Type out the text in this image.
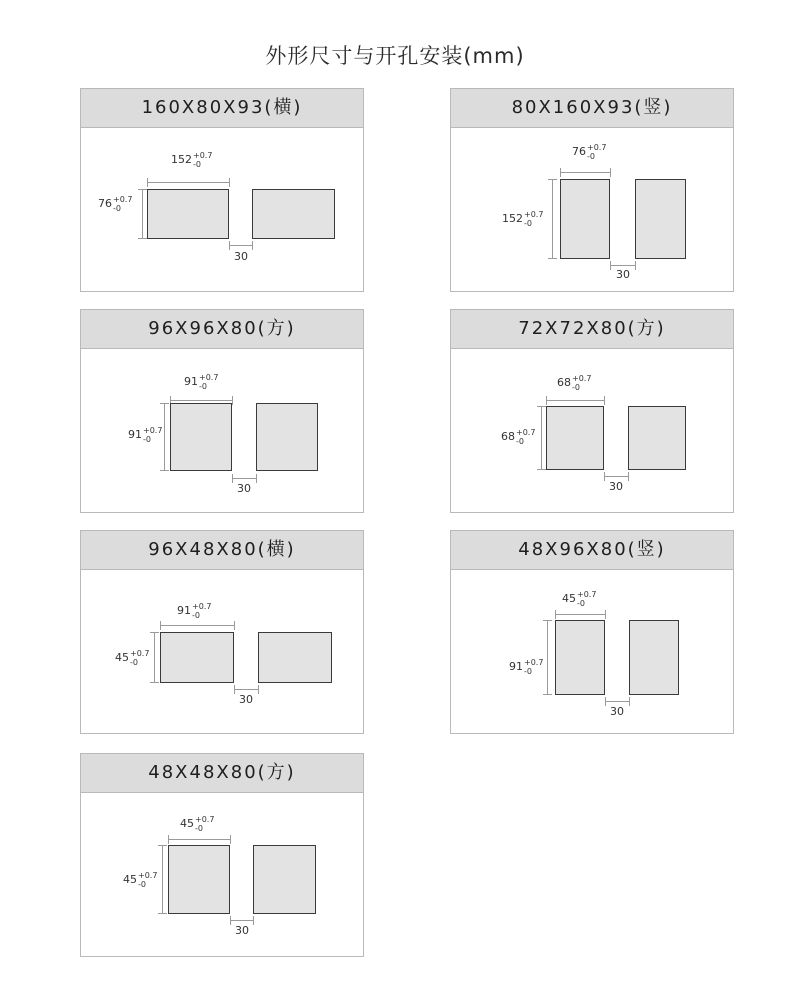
外形尺寸与开孔安装(mm)
160X80X93(横)
152 +0.7
-0
76 +0.7
-0
30
80X160X93(竖)
76 +0.7
-0
152 +0.7
-0
30
96X96X80(方)
91 +0.7
-0
91 +0.7
-0
30
72X72X80(方)
68 +0.7
-0
68 +0.7
-0
30
96X48X80(横)
91 +0.7
-0
45 +0.7
-0
30
48X96X80(竖)
45 +0.7
-0
91 +0.7
-0
30
48X48X80(方)
45 +0.7
-0
45 +0.7
-0
30
